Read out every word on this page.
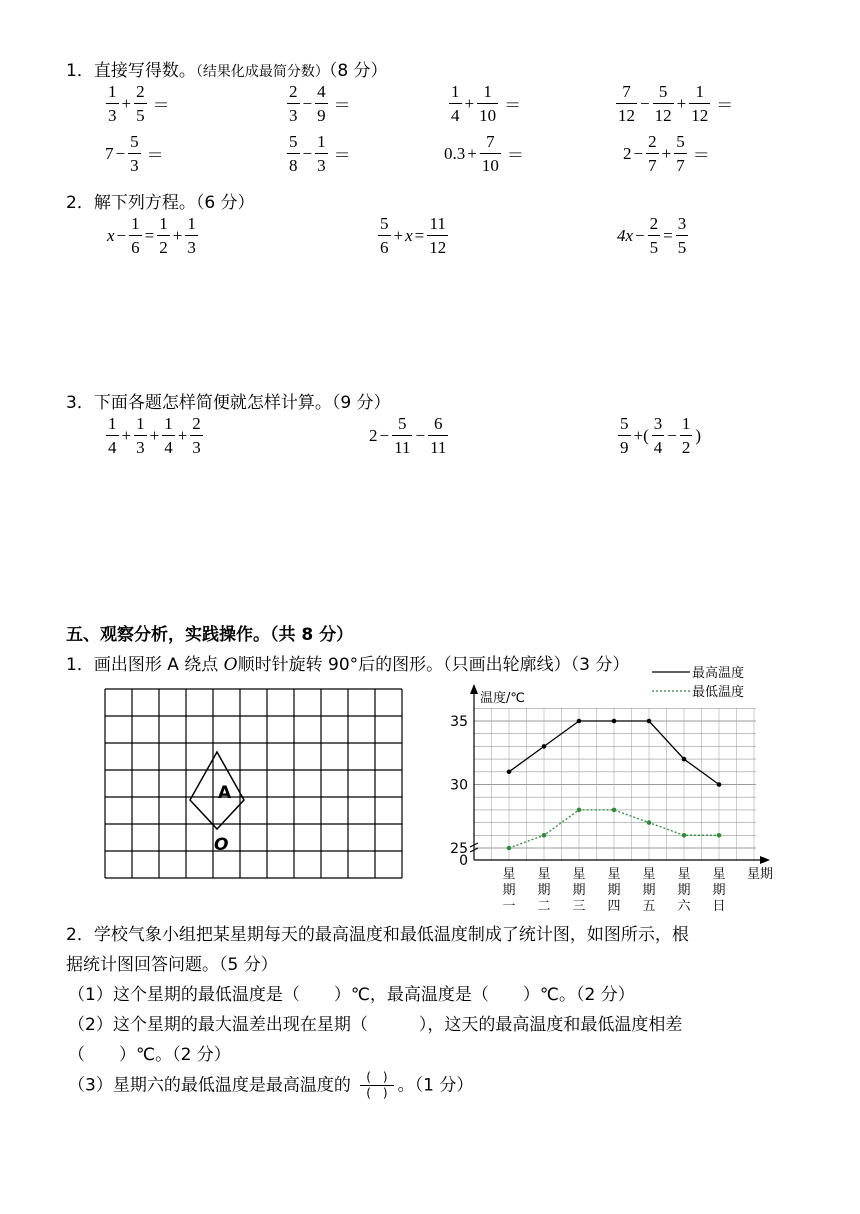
1．直接写得数。（结果化成最简分数）（8 分）
$\frac{1}{3} + \frac{2}{5}$ ＝	$\frac{2}{3} - \frac{4}{9}$ ＝	$\frac{1}{4} + \frac{1}{10}$ ＝	$\frac{7}{12} - \frac{5}{12} + \frac{1}{12}$ ＝
$7 - \frac{5}{3}$ ＝	$\frac{5}{8} - \frac{1}{3}$ ＝	$0.3 + \frac{7}{10}$ ＝	$2 - \frac{2}{7} + \frac{5}{7}$ ＝
2．解下列方程。（6 分）
$x - \frac{1}{6} = \frac{1}{2} + \frac{1}{3}$	$\frac{5}{6} + x = \frac{11}{12}$	$4x - \frac{2}{5} = \frac{3}{5}$
3．下面各题怎样简便就怎样计算。（9 分）
$\frac{1}{4} + \frac{1}{3} + \frac{1}{4} + \frac{2}{3}$	$2 - \frac{5}{11} - \frac{6}{11}$	$\frac{5}{9}$ +( $\frac{3}{4} - \frac{1}{2}$ )
五、观察分析，实践操作。（共 8 分）
1．画出图形 A 绕点 O顺时针旋转 90°后的图形。（只画出轮廓线）（3 分）
A
O
35
30
25
0
温度/℃
星期
星期一
星期二
星期三
星期四
星期五
星期六
星期日
最高温度
最低温度
2．学校气象小组把某星期每天的最高温度和最低温度制成了统计图，如图所示，根
据统计图回答问题。（5 分）
（1）这个星期的最低温度是（　　）℃，最高温度是（　　）℃。（2 分）
（2）这个星期的最大温差出现在星期（　　　），这天的最高温度和最低温度相差
（　　）℃。（2 分）
（3）星期六的最低温度是最高温度的 $\frac{( )}{( )}$ 。（1 分）
